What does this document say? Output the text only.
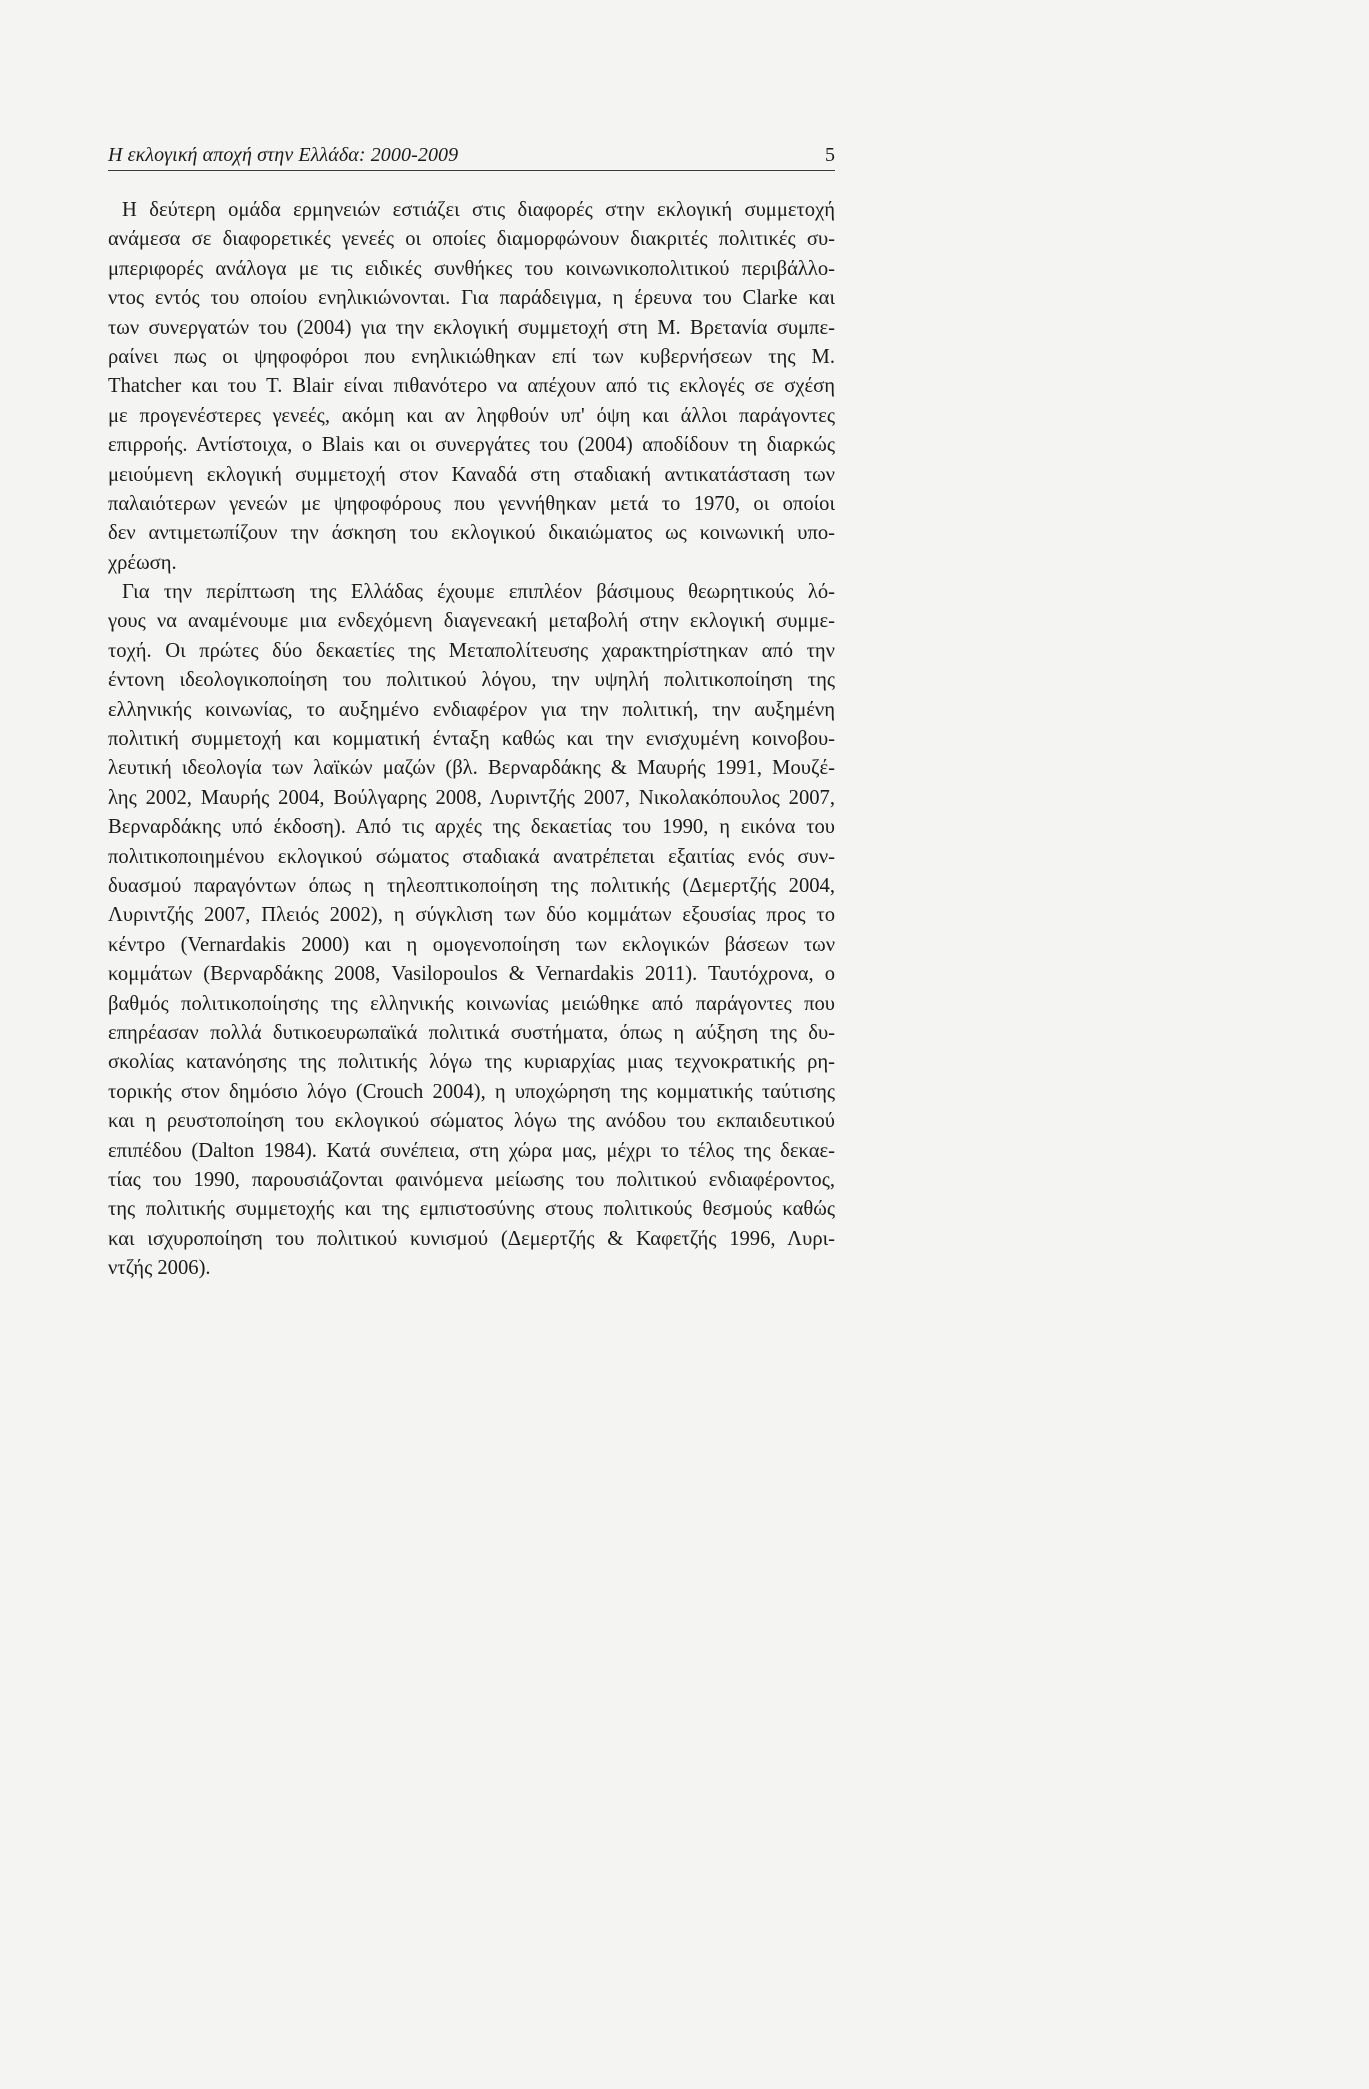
Η εκλογική αποχή στην Ελλάδα: 2000-2009	5
Η δεύτερη ομάδα ερμηνειών εστιάζει στις διαφορές στην εκλογική συμμετοχή
ανάμεσα σε διαφορετικές γενεές οι οποίες διαμορφώνουν διακριτές πολιτικές συ-
μπεριφορές ανάλογα με τις ειδικές συνθήκες του κοινωνικοπολιτικού περιβάλλο-
ντος εντός του οποίου ενηλικιώνονται. Για παράδειγμα, η έρευνα του Clarke και
των συνεργατών του (2004) για την εκλογική συμμετοχή στη Μ. Βρετανία συμπε-
ραίνει πως οι ψηφοφόροι που ενηλικιώθηκαν επί των κυβερνήσεων της Μ.
Thatcher και του Τ. Blair είναι πιθανότερο να απέχουν από τις εκλογές σε σχέση
με προγενέστερες γενεές, ακόμη και αν ληφθούν υπ' όψη και άλλοι παράγοντες
επιρροής. Αντίστοιχα, ο Blais και οι συνεργάτες του (2004) αποδίδουν τη διαρκώς
μειούμενη εκλογική συμμετοχή στον Καναδά στη σταδιακή αντικατάσταση των
παλαιότερων γενεών με ψηφοφόρους που γεννήθηκαν μετά το 1970, οι οποίοι
δεν αντιμετωπίζουν την άσκηση του εκλογικού δικαιώματος ως κοινωνική υπο-
χρέωση.
Για την περίπτωση της Ελλάδας έχουμε επιπλέον βάσιμους θεωρητικούς λό-
γους να αναμένουμε μια ενδεχόμενη διαγενεακή μεταβολή στην εκλογική συμμε-
τοχή. Οι πρώτες δύο δεκαετίες της Μεταπολίτευσης χαρακτηρίστηκαν από την
έντονη ιδεολογικοποίηση του πολιτικού λόγου, την υψηλή πολιτικοποίηση της
ελληνικής κοινωνίας, το αυξημένο ενδιαφέρον για την πολιτική, την αυξημένη
πολιτική συμμετοχή και κομματική ένταξη καθώς και την ενισχυμένη κοινοβου-
λευτική ιδεολογία των λαϊκών μαζών (βλ. Βερναρδάκης & Μαυρής 1991, Μουζέ-
λης 2002, Μαυρής 2004, Βούλγαρης 2008, Λυριντζής 2007, Νικολακόπουλος 2007,
Βερναρδάκης υπό έκδοση). Από τις αρχές της δεκαετίας του 1990, η εικόνα του
πολιτικοποιημένου εκλογικού σώματος σταδιακά ανατρέπεται εξαιτίας ενός συν-
δυασμού παραγόντων όπως η τηλεοπτικοποίηση της πολιτικής (Δεμερτζής 2004,
Λυριντζής 2007, Πλειός 2002), η σύγκλιση των δύο κομμάτων εξουσίας προς το
κέντρο (Vernardakis 2000) και η ομογενοποίηση των εκλογικών βάσεων των
κομμάτων (Βερναρδάκης 2008, Vasilopoulos & Vernardakis 2011). Ταυτόχρονα, ο
βαθμός πολιτικοποίησης της ελληνικής κοινωνίας μειώθηκε από παράγοντες που
επηρέασαν πολλά δυτικοευρωπαϊκά πολιτικά συστήματα, όπως η αύξηση της δυ-
σκολίας κατανόησης της πολιτικής λόγω της κυριαρχίας μιας τεχνοκρατικής ρη-
τορικής στον δημόσιο λόγο (Crouch 2004), η υποχώρηση της κομματικής ταύτισης
και η ρευστοποίηση του εκλογικού σώματος λόγω της ανόδου του εκπαιδευτικού
επιπέδου (Dalton 1984). Κατά συνέπεια, στη χώρα μας, μέχρι το τέλος της δεκαε-
τίας του 1990, παρουσιάζονται φαινόμενα μείωσης του πολιτικού ενδιαφέροντος,
της πολιτικής συμμετοχής και της εμπιστοσύνης στους πολιτικούς θεσμούς καθώς
και ισχυροποίηση του πολιτικού κυνισμού (Δεμερτζής & Καφετζής 1996, Λυρι-
ντζής 2006).
